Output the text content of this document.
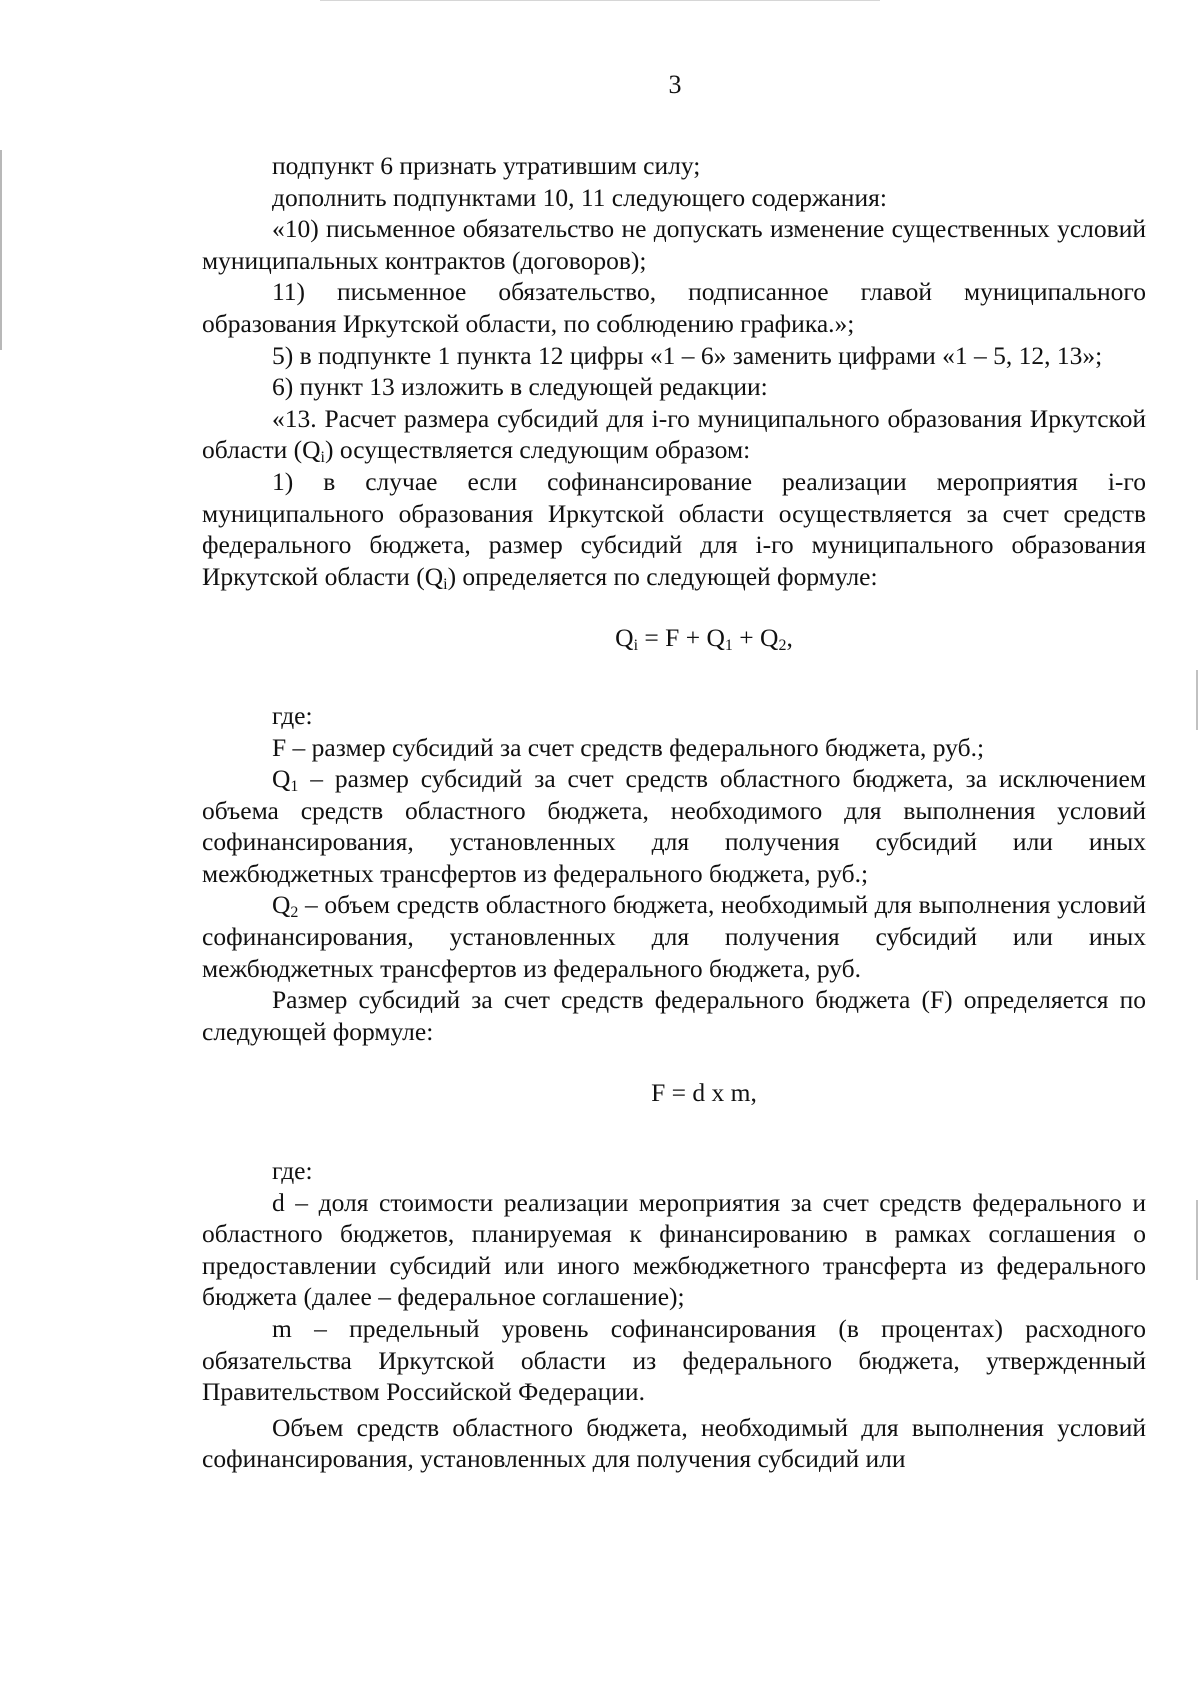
3

подпункт 6 признать утратившим силу;

дополнить подпунктами 10, 11 следующего содержания:

«10) письменное обязательство не допускать изменение существенных условий муниципальных контрактов (договоров);

11) письменное обязательство, подписанное главой муниципального образования Иркутской области, по соблюдению графика.»;

5) в подпункте 1 пункта 12 цифры «1 – 6» заменить цифрами «1 – 5, 12, 13»;

6) пункт 13 изложить в следующей редакции:

«13. Расчет размера субсидий для i-го муниципального образования Иркутской области $(Q_i)$ осуществляется следующим образом:

1) в случае если софинансирование реализации мероприятия i-го муниципального образования Иркутской области осуществляется за счет средств федерального бюджета, размер субсидий для i-го муниципального образования Иркутской области $(Q_i)$ определяется по следующей формуле:

$Q_i = F + Q_1 + Q_2$,

где:

F – размер субсидий за счет средств федерального бюджета, руб.;

$Q_1$ – размер субсидий за счет средств областного бюджета, за исключением объема средств областного бюджета, необходимого для выполнения условий софинансирования, установленных для получения субсидий или иных межбюджетных трансфертов из федерального бюджета, руб.;

$Q_2$ – объем средств областного бюджета, необходимый для выполнения условий софинансирования, установленных для получения субсидий или иных межбюджетных трансфертов из федерального бюджета, руб.

Размер субсидий за счет средств федерального бюджета (F) определяется по следующей формуле:

F = d x m,

где:

d – доля стоимости реализации мероприятия за счет средств федерального и областного бюджетов, планируемая к финансированию в рамках соглашения о предоставлении субсидий или иного межбюджетного трансферта из федерального бюджета (далее – федеральное соглашение);

m – предельный уровень софинансирования (в процентах) расходного обязательства Иркутской области из федерального бюджета, утвержденный Правительством Российской Федерации.

Объем средств областного бюджета, необходимый для выполнения условий софинансирования, установленных для получения субсидий или
